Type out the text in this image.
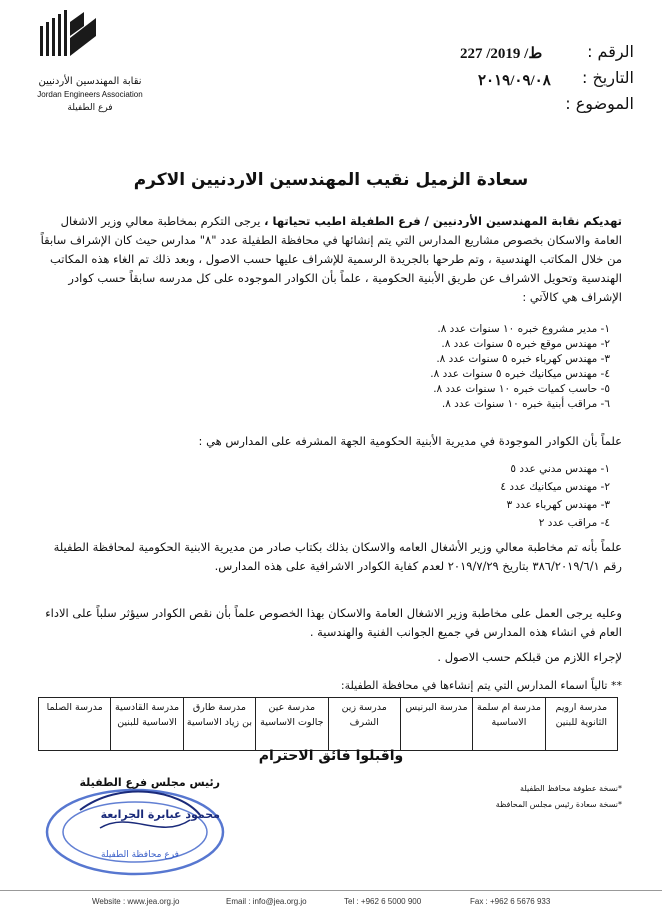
نقابة المهندسين الأردنيين
Jordan Engineers Association
فرع الطفيلة
الرقم :
التاريخ :
الموضوع :
227 /ط/ 2019
٢٠١٩/٠٩/٠٨
سعادة الزميل نقيب المهندسين الاردنيين الاكرم
تهديكم نقابة المهندسين الأردنيين / فرع الطفيلة اطيب تحياتها ، يرجى التكرم بمخاطبة معالي وزير الاشغال العامة والاسكان بخصوص مشاريع المدارس التي يتم إنشائها في محافظة الطفيلة عدد "٨" مدارس حيث كان الإشراف سابقاً من خلال المكاتب الهندسية ، وتم طرحها بالجريدة الرسمية للإشراف عليها حسب الاصول ، وبعد ذلك تم الغاء هذه المكاتب الهندسية وتحويل الاشراف عن طريق الأبنية الحكومية ، علماً بأن الكوادر الموجوده على كل مدرسه سابقاً حسب كوادر الإشراف هي كالآتي :
١- مدير مشروع خبره ١٠ سنوات عدد ٨.
٢- مهندس موقع خبره ٥ سنوات عدد ٨.
٣- مهندس كهرباء خبره ٥ سنوات عدد ٨.
٤- مهندس ميكانيك خبره ٥ سنوات عدد ٨.
٥- حاسب كميات خبره ١٠ سنوات عدد ٨.
٦- مراقب أبنية خبره ١٠ سنوات عدد ٨.
علماً بأن الكوادر الموجودة في مديرية الأبنية الحكومية الجهة المشرفه على المدارس هي :
١- مهندس مدني عدد ٥
٢- مهندس ميكانيك عدد ٤
٣- مهندس كهرباء عدد ٣
٤- مراقب عدد ٢
علماً بأنه تم مخاطبة معالي وزير الأشغال العامه والاسكان بذلك بكتاب صادر من مديرية الابنية الحكومية لمحافظة الطفيلة رقم ٣٨٦/٢٠١٩/٦/١ بتاريخ ٢٠١٩/٧/٢٩ لعدم كفاية الكوادر الاشرافية على هذه المدارس.
وعليه يرجى العمل على مخاطبة وزير الاشغال العامة والاسكان بهذا الخصوص علماً بأن نقص الكوادر سيؤثر سلباً على الاداء العام في انشاء هذه المدارس في جميع الجوانب الفنية والهندسية .
لإجراء اللازم من قبلكم حسب الاصول .
** تالياً اسماء المدارس التي يتم إنشاءها في محافظة الطفيلة:
مدرسة ارويم الثانوية للبنين	مدرسة ام سلمة الاساسية	مدرسة البرنيس	مدرسة زين الشرف	مدرسة عين جالوت الاساسية	مدرسة طارق بن زياد الاساسية	مدرسة القادسية الاساسية للبنين	مدرسة الصلما
واقبلوا فائق الاحترام
رئيس مجلس فرع الطفيلة
محمود عبابرة الجرابعة
فرع محافظة الطفيلة
*نسخة عطوفة محافظ الطفيلة
*نسخة سعادة رئيس مجلس المحافظة
Website : www.jea.org.jo	Email : info@jea.org.jo	Tel : +962 6 5000 900	Fax : +962 6 5676 933
